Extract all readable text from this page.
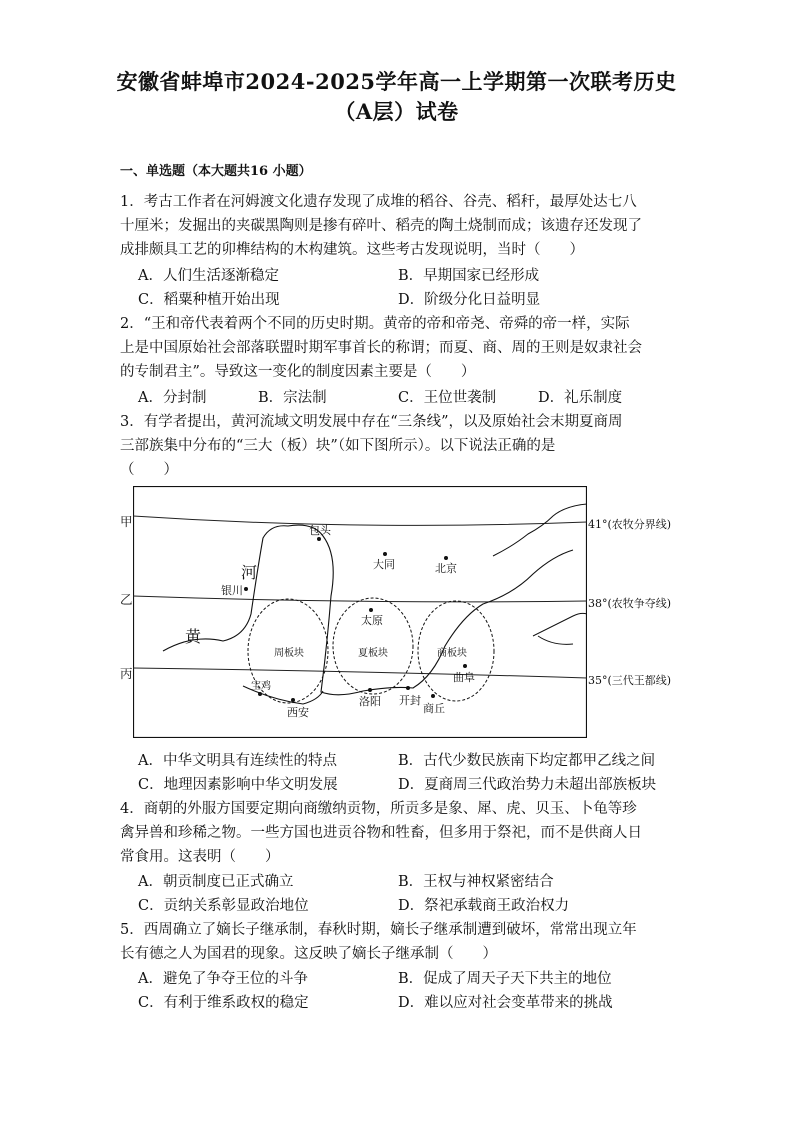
安徽省蚌埠市2024-2025学年高一上学期第一次联考历史
（A层）试卷
一、单选题（本大题共16 小题）
1．考古工作者在河姆渡文化遗存发现了成堆的稻谷、谷壳、稻秆，最厚处达七八
十厘米；发掘出的夹碳黑陶则是掺有碎叶、稻壳的陶土烧制而成；该遗存还发现了
成排颇具工艺的卯榫结构的木构建筑。这些考古发现说明，当时（　　）
A．人们生活逐渐稳定	B．早期国家已经形成
C．稻粟种植开始出现	D．阶级分化日益明显
2．“王和帝代表着两个不同的历史时期。黄帝的帝和帝尧、帝舜的帝一样，实际
上是中国原始社会部落联盟时期军事首长的称谓；而夏、商、周的王则是奴隶社会
的专制君主”。导致这一变化的制度因素主要是（　　）
A．分封制	B．宗法制	C．王位世袭制	D．礼乐制度
3．有学者提出，黄河流域文明发展中存在“三条线”，以及原始社会末期夏商周
三部族集中分布的“三大（板）块”（如下图所示）。以下说法正确的是
（　　）
甲
乙
丙
41°(农牧分界线)
38°(农牧争夺线)
35°(三代王都线)
河
黄
包头
大同	北京
银川
太原
周板块	夏板块	商板块
曲阜
宝鸡
西安
洛阳 开封
商丘
A．中华文明具有连续性的特点	B．古代少数民族南下均定都甲乙线之间
C．地理因素影响中华文明发展	D．夏商周三代政治势力未超出部族板块
4．商朝的外服方国要定期向商缴纳贡物，所贡多是象、犀、虎、贝玉、卜龟等珍
禽异兽和珍稀之物。一些方国也进贡谷物和牲畜，但多用于祭祀，而不是供商人日
常食用。这表明（　　）
A．朝贡制度已正式确立	B．王权与神权紧密结合
C．贡纳关系彰显政治地位	D．祭祀承载商王政治权力
5．西周确立了嫡长子继承制，春秋时期，嫡长子继承制遭到破坏，常常出现立年
长有德之人为国君的现象。这反映了嫡长子继承制（　　）
A．避免了争夺王位的斗争	B．促成了周天子天下共主的地位
C．有利于维系政权的稳定	D．难以应对社会变革带来的挑战
